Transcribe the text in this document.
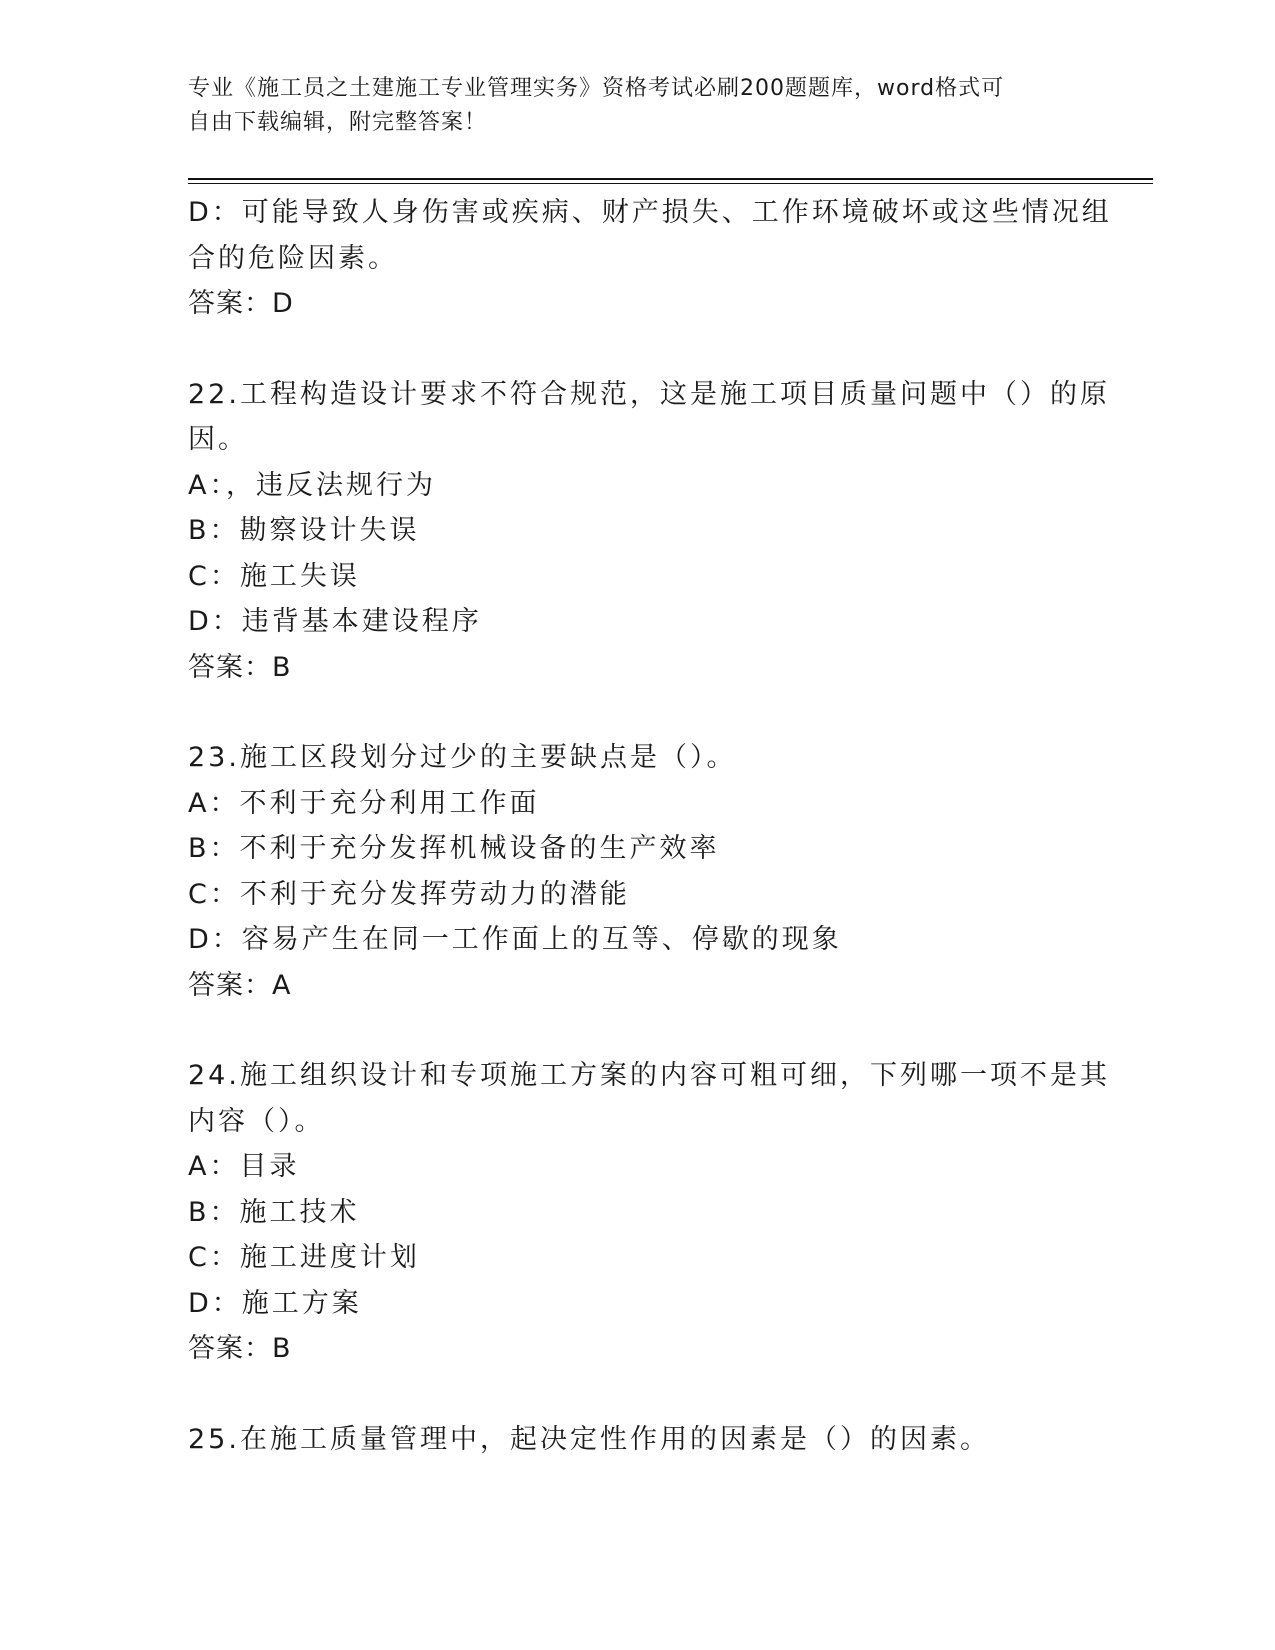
专业《施工员之土建施工专业管理实务》资格考试必刷200题题库，word格式可
自由下载编辑，附完整答案！
D：可能导致人身伤害或疾病、财产损失、工作环境破坏或这些情况组
合的危险因素。
答案：D
22.工程构造设计要求不符合规范，这是施工项目质量问题中（）的原
因。
A：，违反法规行为
B：勘察设计失误
C：施工失误
D：违背基本建设程序
答案：B
23.施工区段划分过少的主要缺点是（）。
A：不利于充分利用工作面
B：不利于充分发挥机械设备的生产效率
C：不利于充分发挥劳动力的潜能
D：容易产生在同一工作面上的互等、停歇的现象
答案：A
24.施工组织设计和专项施工方案的内容可粗可细，下列哪一项不是其
内容（）。
A：目录
B：施工技术
C：施工进度计划
D：施工方案
答案：B
25.在施工质量管理中，起决定性作用的因素是（）的因素。
